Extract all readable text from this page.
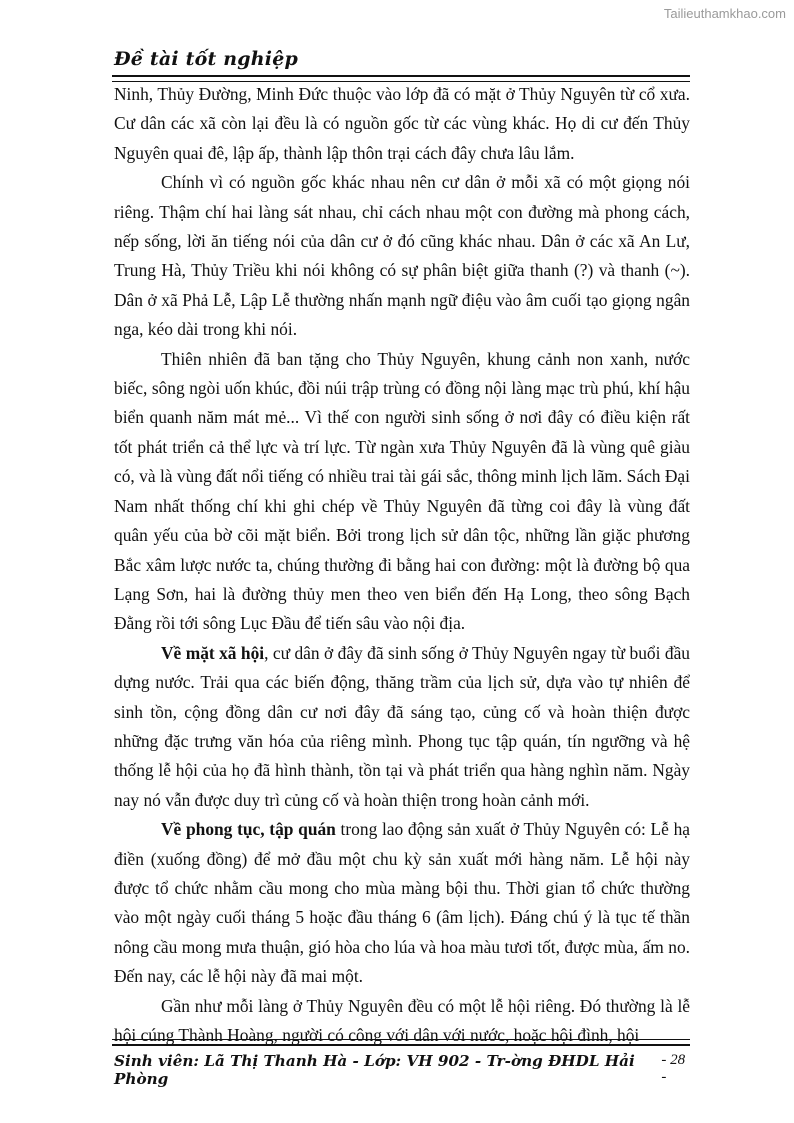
Tailieuthamkhao.com
Đề tài tốt nghiệp

Ninh, Thủy Đường, Minh Đức thuộc vào lớp đã có mặt ở Thủy Nguyên từ cổ xưa. Cư dân các xã còn lại đều là có nguồn gốc từ các vùng khác. Họ di cư đến Thủy Nguyên quai đê, lập ấp, thành lập thôn trại cách đây chưa lâu lắm.

Chính vì có nguồn gốc khác nhau nên cư dân ở mỗi xã có một giọng nói riêng. Thậm chí hai làng sát nhau, chỉ cách nhau một con đường mà phong cách, nếp sống, lời ăn tiếng nói của dân cư ở đó cũng khác nhau. Dân ở các xã An Lư, Trung Hà, Thủy Triều khi nói không có sự phân biệt giữa thanh (?) và thanh (~). Dân ở xã Phả Lễ, Lập Lễ thường nhấn mạnh ngữ điệu vào âm cuối tạo giọng ngân nga, kéo dài trong khi nói.

Thiên nhiên đã ban tặng cho Thủy Nguyên, khung cảnh non xanh, nước biếc, sông ngòi uốn khúc, đồi núi trập trùng có đồng nội làng mạc trù phú, khí hậu biển quanh năm mát mẻ... Vì thế con người sinh sống ở nơi đây có điều kiện rất tốt phát triển cả thể lực và trí lực. Từ ngàn xưa Thủy Nguyên đã là vùng quê giàu có, và là vùng đất nổi tiếng có nhiều trai tài gái sắc, thông minh lịch lãm. Sách Đại Nam nhất thống chí khi ghi chép về Thủy Nguyên đã từng coi đây là vùng đất quân yếu của bờ cõi mặt biển. Bởi trong lịch sử dân tộc, những lần giặc phương Bắc xâm lược nước ta, chúng thường đi bằng hai con đường: một là đường bộ qua Lạng Sơn, hai là đường thủy men theo ven biển đến Hạ Long, theo sông Bạch Đằng rồi tới sông Lục Đầu để tiến sâu vào nội địa.

Về mặt xã hội, cư dân ở đây đã sinh sống ở Thủy Nguyên ngay từ buổi đầu dựng nước. Trải qua các biến động, thăng trầm của lịch sử, dựa vào tự nhiên để sinh tồn, cộng đồng dân cư nơi đây đã sáng tạo, củng cố và hoàn thiện được những đặc trưng văn hóa của riêng mình. Phong tục tập quán, tín ngưỡng và hệ thống lễ hội của họ đã hình thành, tồn tại và phát triển qua hàng nghìn năm. Ngày nay nó vẫn được duy trì củng cố và hoàn thiện trong hoàn cảnh mới.

Về phong tục, tập quán trong lao động sản xuất ở Thủy Nguyên có: Lễ hạ điền (xuống đồng) để mở đầu một chu kỳ sản xuất mới hàng năm. Lễ hội này được tổ chức nhằm cầu mong cho mùa màng bội thu. Thời gian tổ chức thường vào một ngày cuối tháng 5 hoặc đầu tháng 6 (âm lịch). Đáng chú ý là tục tế thần nông cầu mong mưa thuận, gió hòa cho lúa và hoa màu tươi tốt, được mùa, ấm no. Đến nay, các lễ hội này đã mai một.

Gần như mỗi làng ở Thủy Nguyên đều có một lễ hội riêng. Đó thường là lễ hội cúng Thành Hoàng, người có công với dân với nước, hoặc hội đình, hội

Sinh viên: Lã Thị Thanh Hà - Lớp: VH 902 - Tr-ờng ĐHDL Hải Phòng
- 28 -
